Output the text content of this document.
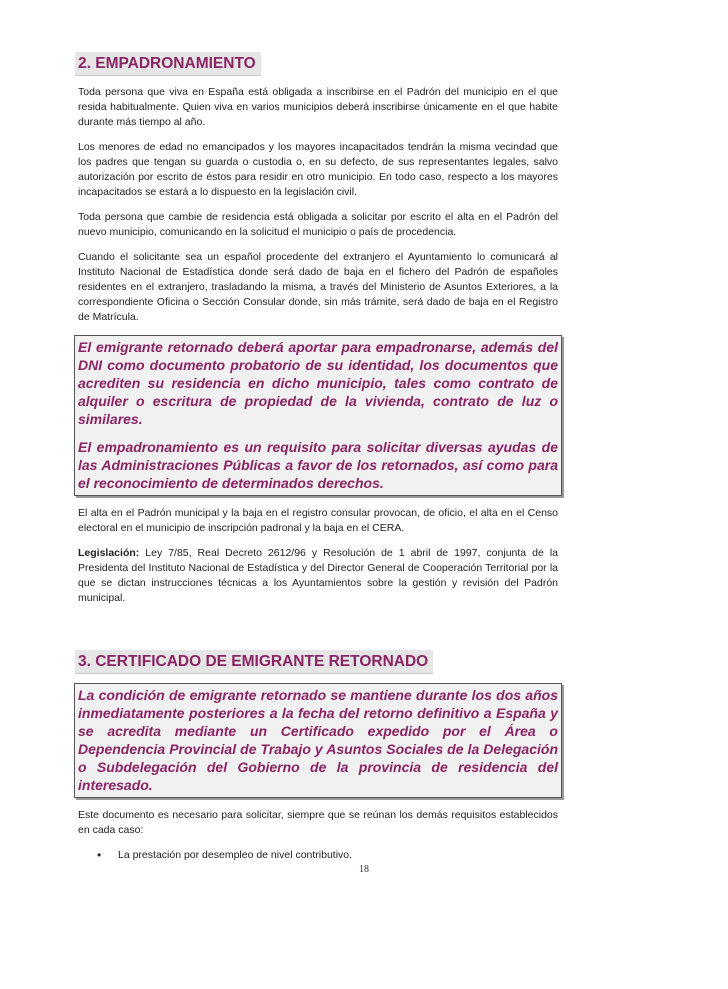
2. EMPADRONAMIENTO

Toda persona que viva en España está obligada a inscribirse en el Padrón del municipio en el que resida habitualmente. Quien viva en varios municipios deberá inscribirse únicamente en el que habite durante más tiempo al año.

Los menores de edad no emancipados y los mayores incapacitados tendrán la misma vecindad que los padres que tengan su guarda o custodia o, en su defecto, de sus representantes legales, salvo autorización por escrito de éstos para residir en otro municipio. En todo caso, respecto a los mayores incapacitados se estará a lo dispuesto en la legislación civil.

Toda persona que cambie de residencia está obligada a solicitar por escrito el alta en el Padrón del nuevo municipio, comunicando en la solicitud el municipio o país de procedencia.

Cuando el solicitante sea un español procedente del extranjero el Ayuntamiento lo comunicará al Instituto Nacional de Estadística donde será dado de baja en el fichero del Padrón de españoles residentes en el extranjero, trasladando la misma, a través del Ministerio de Asuntos Exteriores, a la correspondiente Oficina o Sección Consular donde, sin más trámite, será dado de baja en el Registro de Matrícula.

El emigrante retornado deberá aportar para empadronarse, además del DNI como documento probatorio de su identidad, los documentos que acrediten su residencia en dicho municipio, tales como contrato de alquiler o escritura de propiedad de la vivienda, contrato de luz o similares.

El empadronamiento es un requisito para solicitar diversas ayudas de las Administraciones Públicas a favor de los retornados, así como para el reconocimiento de determinados derechos.

El alta en el Padrón municipal y la baja en el registro consular provocan, de oficio, el alta en el Censo electoral en el municipio de inscripción padronal y la baja en el CERA.

Legislación: Ley 7/85, Real Decreto 2612/96 y Resolución de 1 abril de 1997, conjunta de la Presidenta del Instituto Nacional de Estadística y del Director General de Cooperación Territorial por la que se dictan instrucciones técnicas a los Ayuntamientos sobre la gestión y revisión del Padrón municipal.

3. CERTIFICADO DE EMIGRANTE RETORNADO

La condición de emigrante retornado se mantiene durante los dos años inmediatamente posteriores a la fecha del retorno definitivo a España y se acredita mediante un Certificado expedido por el Área o Dependencia Provincial de Trabajo y Asuntos Sociales de la Delegación o Subdelegación del Gobierno de la provincia de residencia del interesado.

Este documento es necesario para solicitar, siempre que se reúnan los demás requisitos establecidos en cada caso:

• La prestación por desempleo de nivel contributivo.
18
